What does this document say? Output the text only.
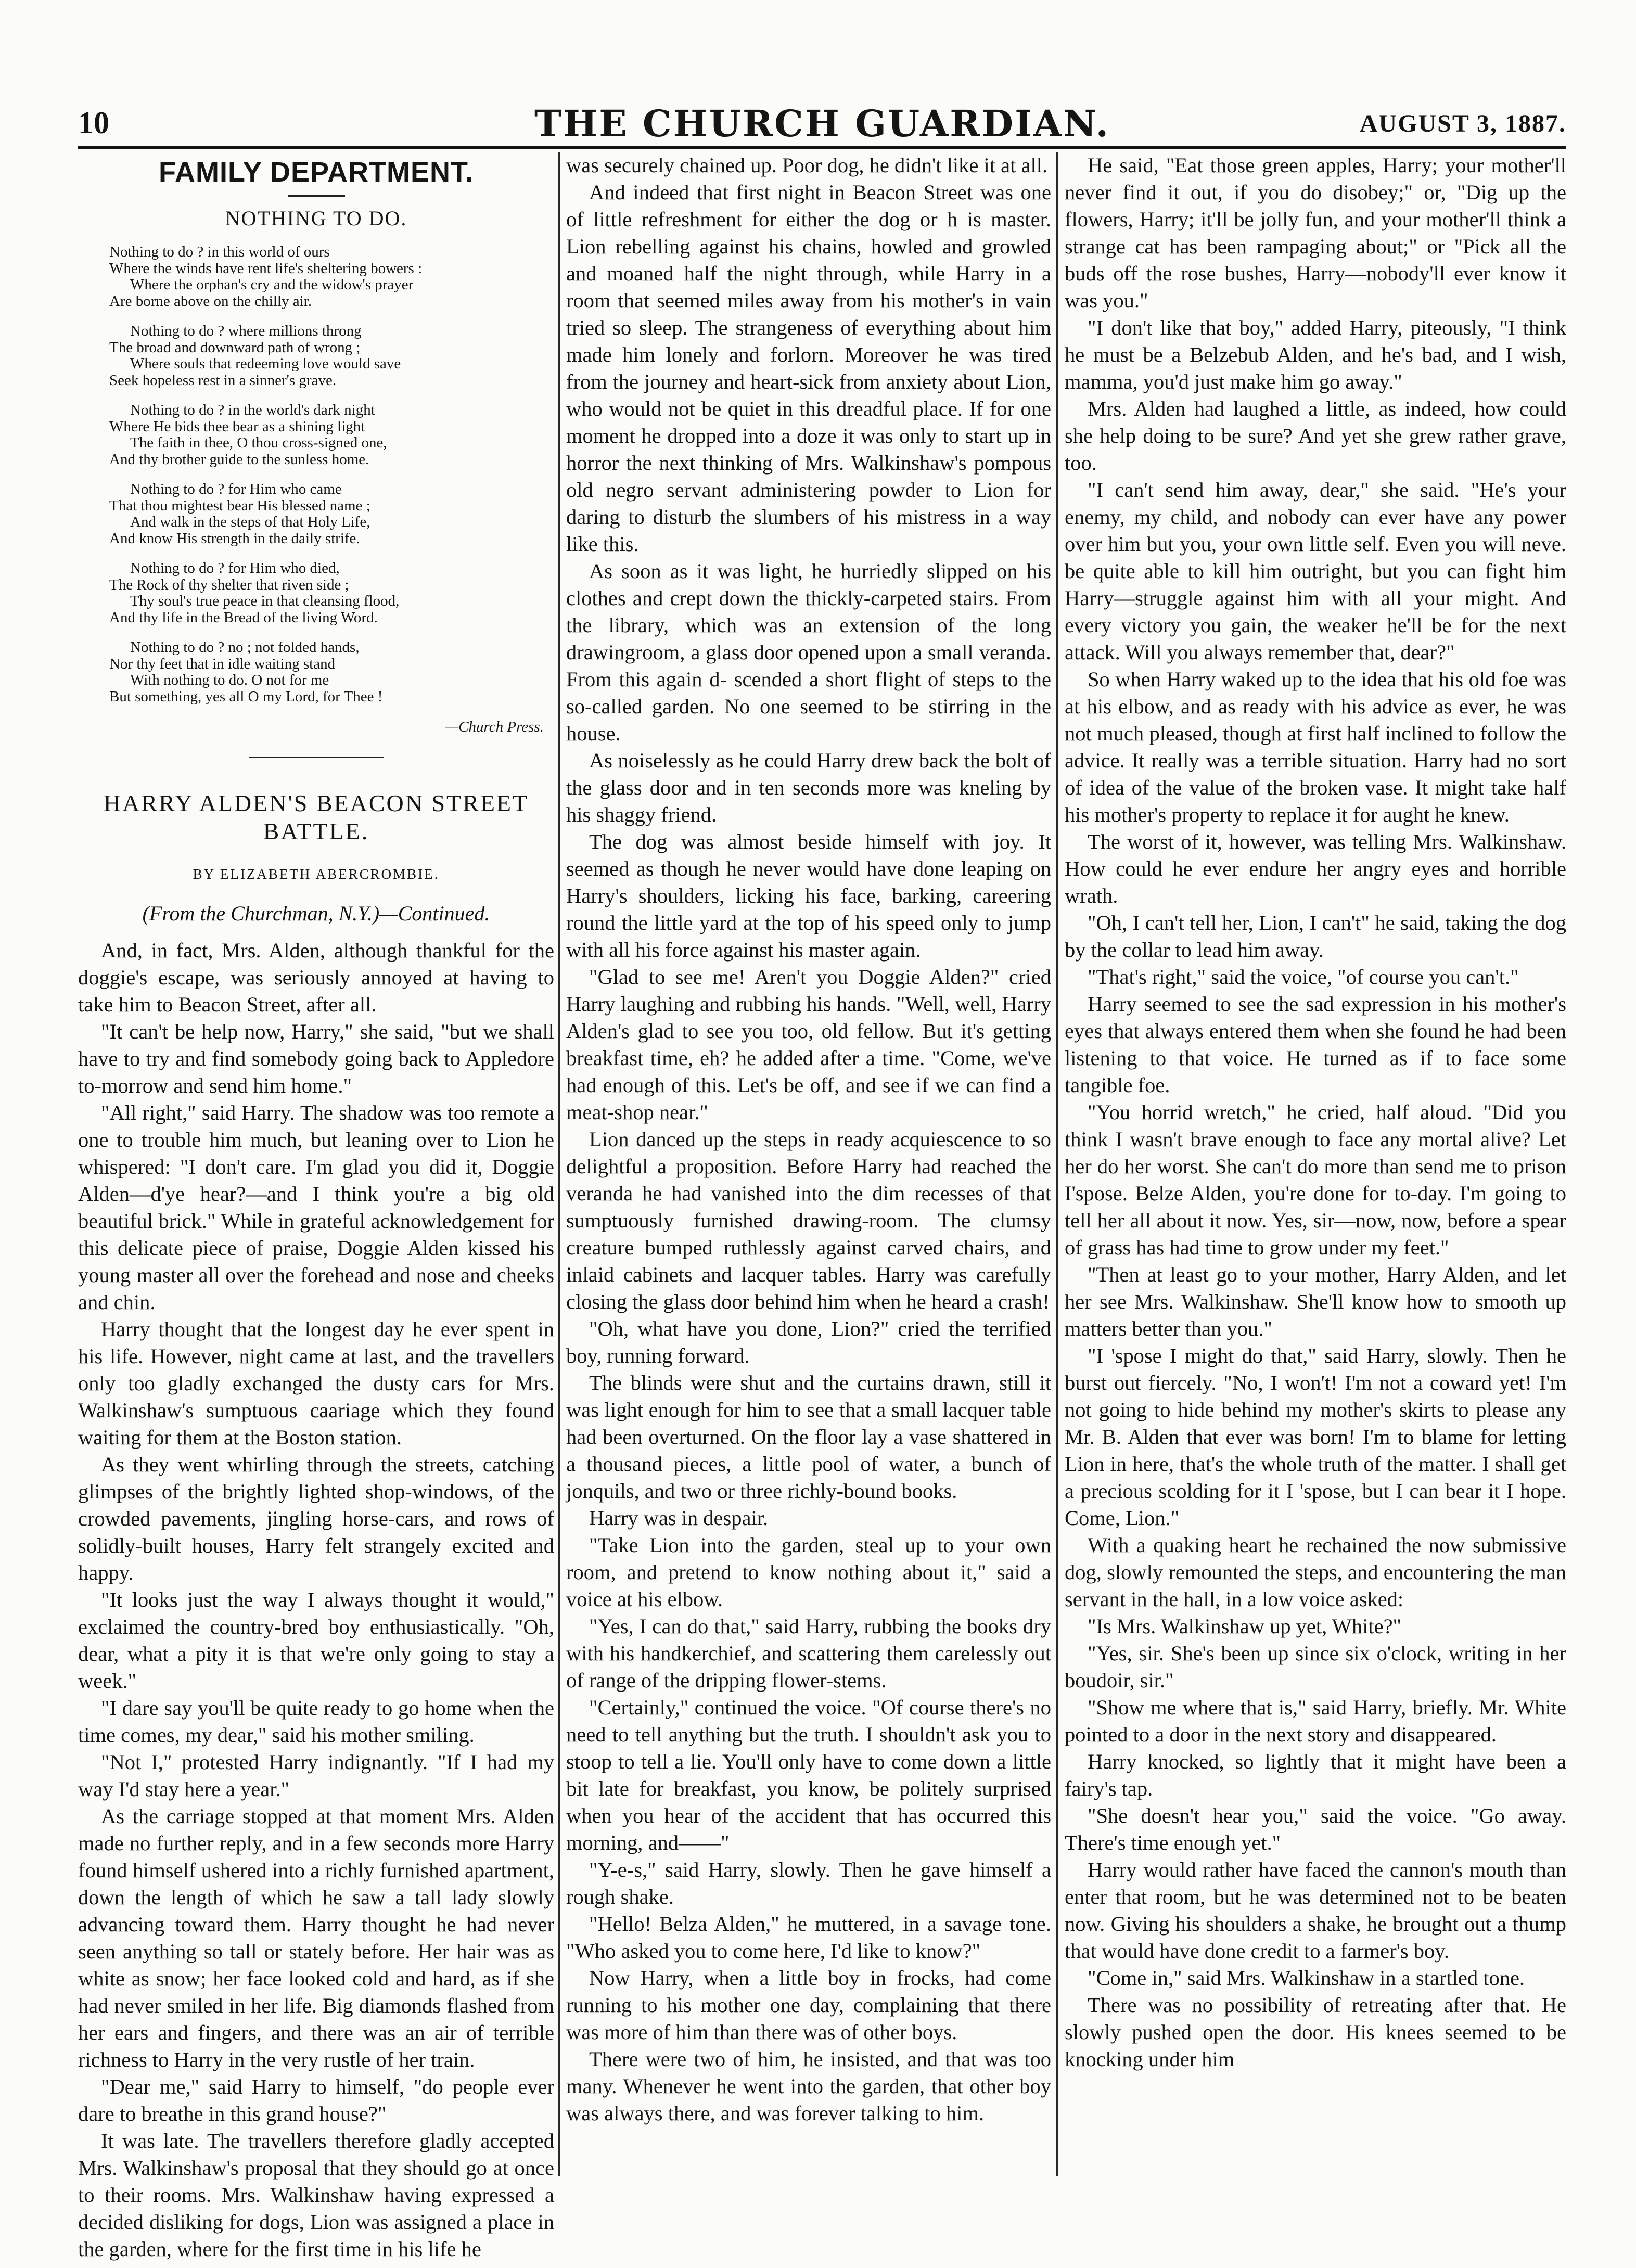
10	THE CHURCH GUARDIAN.	AUGUST 3, 1887.
FAMILY DEPARTMENT.
NOTHING TO DO.
Nothing to do ? in this world of ours
Where the winds have rent life's sheltering bowers :
Where the orphan's cry and the widow's prayer
Are borne above on the chilly air.
Nothing to do ? where millions throng
The broad and downward path of wrong ;
Where souls that redeeming love would save
Seek hopeless rest in a sinner's grave.
Nothing to do ? in the world's dark night
Where He bids thee bear as a shining light
The faith in thee, O thou cross-signed one,
And thy brother guide to the sunless home.
Nothing to do ? for Him who came
That thou mightest bear His blessed name ;
And walk in the steps of that Holy Life,
And know His strength in the daily strife.
Nothing to do ? for Him who died,
The Rock of thy shelter that riven side ;
Thy soul's true peace in that cleansing flood,
And thy life in the Bread of the living Word.
Nothing to do ? no ; not folded hands,
Nor thy feet that in idle waiting stand
With nothing to do. O not for me
But something, yes all O my Lord, for Thee !
—Church Press.
HARRY ALDEN'S BEACON STREET
BATTLE.
BY ELIZABETH ABERCROMBIE.
(From the Churchman, N.Y.)—Continued.

And, in fact, Mrs. Alden, although thankful for the doggie's escape, was seriously annoyed at having to take him to Beacon Street, after all.

"It can't be help now, Harry," she said, "but we shall have to try and find somebody going back to Appledore to-morrow and send him home."

"All right," said Harry. The shadow was too remote a one to trouble him much, but leaning over to Lion he whispered: "I don't care. I'm glad you did it, Doggie Alden—d'ye hear?—and I think you're a big old beautiful brick." While in grateful acknowledgement for this delicate piece of praise, Doggie Alden kissed his young master all over the forehead and nose and cheeks and chin.

Harry thought that the longest day he ever spent in his life. However, night came at last, and the travellers only too gladly exchanged the dusty cars for Mrs. Walkinshaw's sumptuous caariage which they found waiting for them at the Boston station.

As they went whirling through the streets, catching glimpses of the brightly lighted shop-windows, of the crowded pavements, jingling horse-cars, and rows of solidly-built houses, Harry felt strangely excited and happy.

"It looks just the way I always thought it would," exclaimed the country-bred boy enthusiastically. "Oh, dear, what a pity it is that we're only going to stay a week."

"I dare say you'll be quite ready to go home when the time comes, my dear," said his mother smiling.

"Not I," protested Harry indignantly. "If I had my way I'd stay here a year."

As the carriage stopped at that moment Mrs. Alden made no further reply, and in a few seconds more Harry found himself ushered into a richly furnished apartment, down the length of which he saw a tall lady slowly advancing toward them. Harry thought he had never seen anything so tall or stately before. Her hair was as white as snow; her face looked cold and hard, as if she had never smiled in her life. Big diamonds flashed from her ears and fingers, and there was an air of terrible richness to Harry in the very rustle of her train.

"Dear me," said Harry to himself, "do people ever dare to breathe in this grand house?"

It was late. The travellers therefore gladly accepted Mrs. Walkinshaw's proposal that they should go at once to their rooms. Mrs. Walkinshaw having expressed a decided disliking for dogs, Lion was assigned a place in the garden, where for the first time in his life he

was securely chained up. Poor dog, he didn't like it at all.

And indeed that first night in Beacon Street was one of little refreshment for either the dog or h is master. Lion rebelling against his chains, howled and growled and moaned half the night through, while Harry in a room that seemed miles away from his mother's in vain tried so sleep. The strangeness of everything about him made him lonely and forlorn. Moreover he was tired from the journey and heart-sick from anxiety about Lion, who would not be quiet in this dreadful place. If for one moment he dropped into a doze it was only to start up in horror the next thinking of Mrs. Walkinshaw's pompous old negro servant administering powder to Lion for daring to disturb the slumbers of his mistress in a way like this.

As soon as it was light, he hurriedly slipped on his clothes and crept down the thickly-carpeted stairs. From the library, which was an extension of the long drawingroom, a glass door opened upon a small veranda. From this again d- scended a short flight of steps to the so-called garden. No one seemed to be stirring in the house.

As noiselessly as he could Harry drew back the bolt of the glass door and in ten seconds more was kneling by his shaggy friend.

The dog was almost beside himself with joy. It seemed as though he never would have done leaping on Harry's shoulders, licking his face, barking, careering round the little yard at the top of his speed only to jump with all his force against his master again.

"Glad to see me! Aren't you Doggie Alden?" cried Harry laughing and rubbing his hands. "Well, well, Harry Alden's glad to see you too, old fellow. But it's getting breakfast time, eh? he added after a time. "Come, we've had enough of this. Let's be off, and see if we can find a meat-shop near."

Lion danced up the steps in ready acquiescence to so delightful a proposition. Before Harry had reached the veranda he had vanished into the dim recesses of that sumptuously furnished drawing-room. The clumsy creature bumped ruthlessly against carved chairs, and inlaid cabinets and lacquer tables. Harry was carefully closing the glass door behind him when he heard a crash!

"Oh, what have you done, Lion?" cried the terrified boy, running forward.

The blinds were shut and the curtains drawn, still it was light enough for him to see that a small lacquer table had been overturned. On the floor lay a vase shattered in a thousand pieces, a little pool of water, a bunch of jonquils, and two or three richly-bound books.

Harry was in despair.

"Take Lion into the garden, steal up to your own room, and pretend to know nothing about it," said a voice at his elbow.

"Yes, I can do that," said Harry, rubbing the books dry with his handkerchief, and scattering them carelessly out of range of the dripping flower-stems.

"Certainly," continued the voice. "Of course there's no need to tell anything but the truth. I shouldn't ask you to stoop to tell a lie. You'll only have to come down a little bit late for breakfast, you know, be politely surprised when you hear of the accident that has occurred this morning, and——"

"Y-e-s," said Harry, slowly. Then he gave himself a rough shake.

"Hello! Belza Alden," he muttered, in a savage tone. "Who asked you to come here, I'd like to know?"

Now Harry, when a little boy in frocks, had come running to his mother one day, complaining that there was more of him than there was of other boys.

There were two of him, he insisted, and that was too many. Whenever he went into the garden, that other boy was always there, and was forever talking to him.

He said, "Eat those green apples, Harry; your mother'll never find it out, if you do disobey;" or, "Dig up the flowers, Harry; it'll be jolly fun, and your mother'll think a strange cat has been rampaging about;" or "Pick all the buds off the rose bushes, Harry—nobody'll ever know it was you."

"I don't like that boy," added Harry, piteously, "I think he must be a Belzebub Alden, and he's bad, and I wish, mamma, you'd just make him go away."

Mrs. Alden had laughed a little, as indeed, how could she help doing to be sure? And yet she grew rather grave, too.

"I can't send him away, dear," she said. "He's your enemy, my child, and nobody can ever have any power over him but you, your own little self. Even you will neve. be quite able to kill him outright, but you can fight him Harry—struggle against him with all your might. And every victory you gain, the weaker he'll be for the next attack. Will you always remember that, dear?"

So when Harry waked up to the idea that his old foe was at his elbow, and as ready with his advice as ever, he was not much pleased, though at first half inclined to follow the advice. It really was a terrible situation. Harry had no sort of idea of the value of the broken vase. It might take half his mother's property to replace it for aught he knew.

The worst of it, however, was telling Mrs. Walkinshaw. How could he ever endure her angry eyes and horrible wrath.

"Oh, I can't tell her, Lion, I can't" he said, taking the dog by the collar to lead him away.

"That's right," said the voice, "of course you can't."

Harry seemed to see the sad expression in his mother's eyes that always entered them when she found he had been listening to that voice. He turned as if to face some tangible foe.

"You horrid wretch," he cried, half aloud. "Did you think I wasn't brave enough to face any mortal alive? Let her do her worst. She can't do more than send me to prison I'spose. Belze Alden, you're done for to-day. I'm going to tell her all about it now. Yes, sir—now, now, before a spear of grass has had time to grow under my feet."

"Then at least go to your mother, Harry Alden, and let her see Mrs. Walkinshaw. She'll know how to smooth up matters better than you."

"I 'spose I might do that," said Harry, slowly. Then he burst out fiercely. "No, I won't! I'm not a coward yet! I'm not going to hide behind my mother's skirts to please any Mr. B. Alden that ever was born! I'm to blame for letting Lion in here, that's the whole truth of the matter. I shall get a precious scolding for it I 'spose, but I can bear it I hope. Come, Lion."

With a quaking heart he rechained the now submissive dog, slowly remounted the steps, and encountering the man servant in the hall, in a low voice asked:

"Is Mrs. Walkinshaw up yet, White?"

"Yes, sir. She's been up since six o'clock, writing in her boudoir, sir."

"Show me where that is," said Harry, briefly. Mr. White pointed to a door in the next story and disappeared.

Harry knocked, so lightly that it might have been a fairy's tap.

"She doesn't hear you," said the voice. "Go away. There's time enough yet."

Harry would rather have faced the cannon's mouth than enter that room, but he was determined not to be beaten now. Giving his shoulders a shake, he brought out a thump that would have done credit to a farmer's boy.

"Come in," said Mrs. Walkinshaw in a startled tone.

There was no possibility of retreating after that. He slowly pushed open the door. His knees seemed to be knocking under him
